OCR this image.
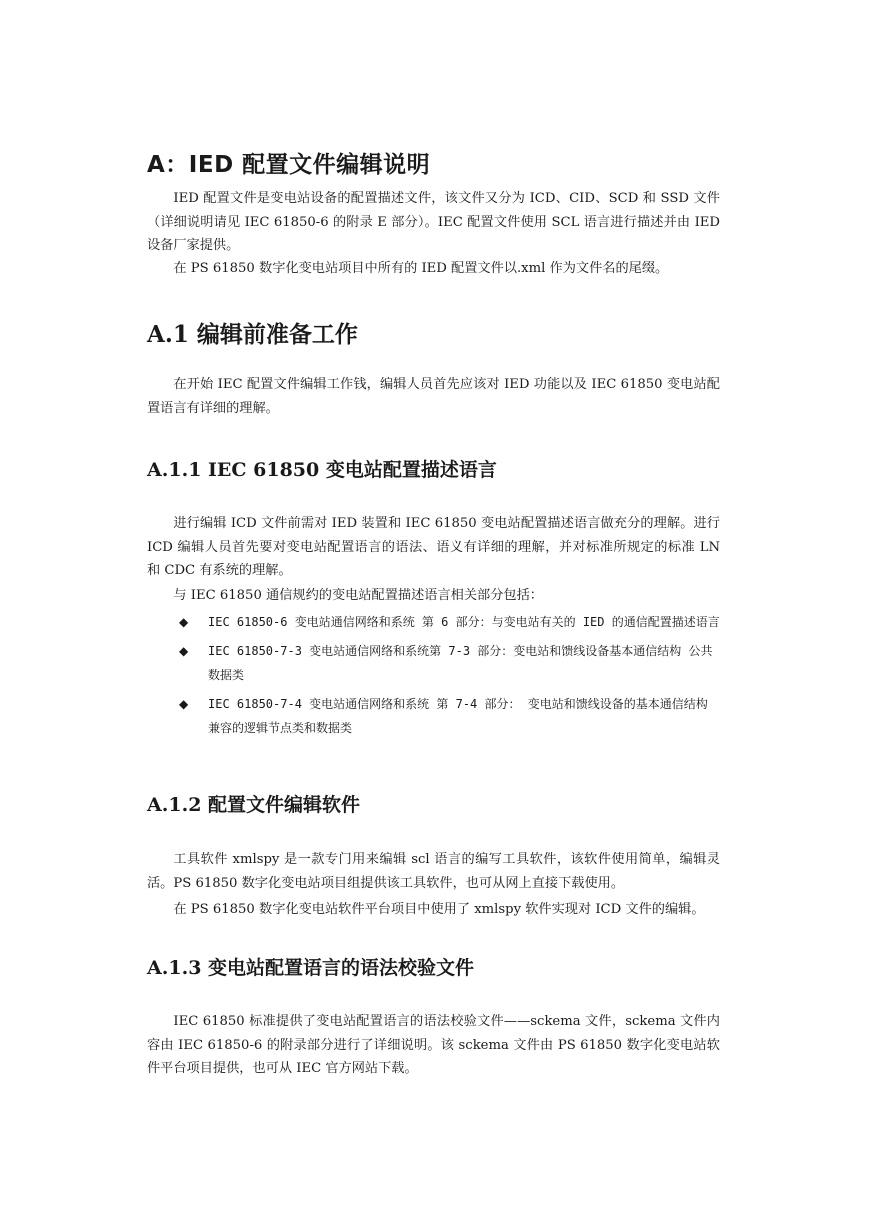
A：IED 配置文件编辑说明
IED 配置文件是变电站设备的配置描述文件，该文件又分为 ICD、CID、SCD 和 SSD 文件（详细说明请见 IEC 61850-6 的附录 E 部分）。IEC 配置文件使用 SCL 语言进行描述并由 IED 设备厂家提供。
在 PS 61850 数字化变电站项目中所有的 IED 配置文件以.xml 作为文件名的尾缀。
A.1 编辑前准备工作
在开始 IEC 配置文件编辑工作钱，编辑人员首先应该对 IED 功能以及 IEC 61850 变电站配置语言有详细的理解。
A.1.1 IEC 61850 变电站配置描述语言
进行编辑 ICD 文件前需对 IED 装置和 IEC 61850 变电站配置描述语言做充分的理解。进行 ICD 编辑人员首先要对变电站配置语言的语法、语义有详细的理解，并对标准所规定的标准 LN 和 CDC 有系统的理解。
与 IEC 61850 通信规约的变电站配置描述语言相关部分包括：
◆ IEC 61850-6 变电站通信网络和系统 第 6 部分：与变电站有关的 IED 的通信配置描述语言
◆ IEC 61850-7-3 变电站通信网络和系统第 7-3 部分：变电站和馈线设备基本通信结构 公共数据类
◆ IEC 61850-7-4 变电站通信网络和系统 第 7-4 部分： 变电站和馈线设备的基本通信结构 兼容的逻辑节点类和数据类
A.1.2 配置文件编辑软件
工具软件 xmlspy 是一款专门用来编辑 scl 语言的编写工具软件，该软件使用简单，编辑灵活。PS 61850 数字化变电站项目组提供该工具软件，也可从网上直接下载使用。
在 PS 61850 数字化变电站软件平台项目中使用了 xmlspy 软件实现对 ICD 文件的编辑。
A.1.3 变电站配置语言的语法校验文件
IEC 61850 标准提供了变电站配置语言的语法校验文件——sckema 文件，sckema 文件内容由 IEC 61850-6 的附录部分进行了详细说明。该 sckema 文件由 PS 61850 数字化变电站软件平台项目提供，也可从 IEC 官方网站下载。
